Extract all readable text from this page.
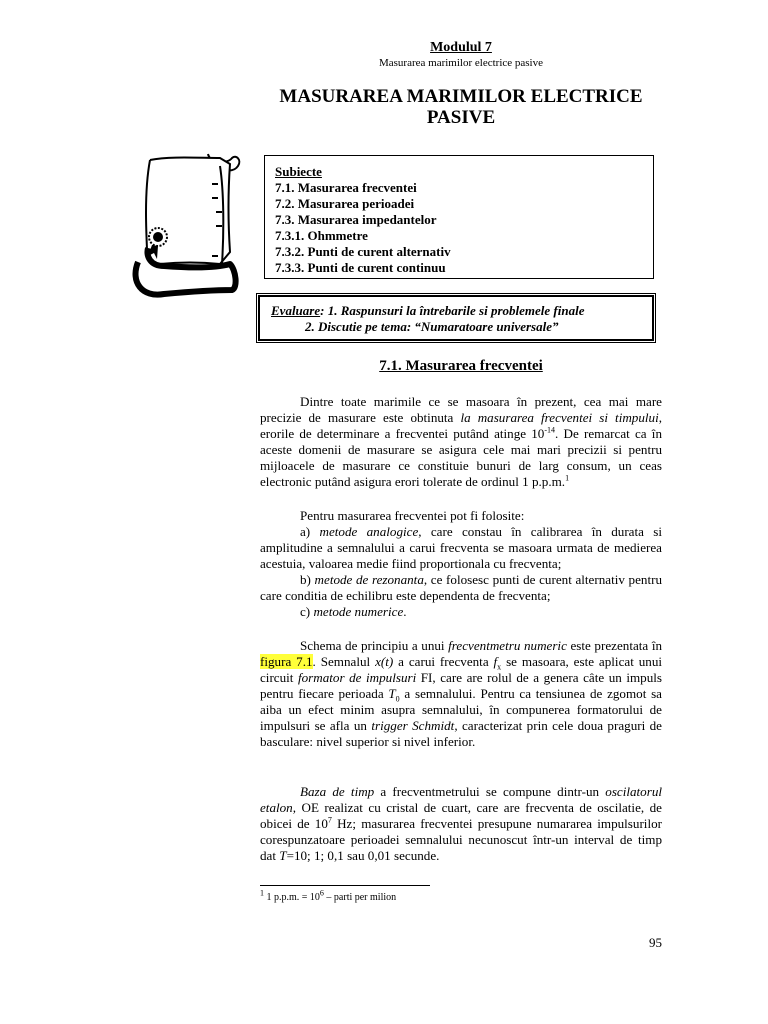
Modulul 7
Masurarea marimilor electrice pasive
MASURAREA MARIMILOR ELECTRICE
PASIVE
Subiecte
7.1. Masurarea frecventei
7.2. Masurarea perioadei
7.3. Masurarea impedantelor
7.3.1. Ohmmetre
7.3.2. Punti de curent alternativ
7.3.3. Punti de curent continuu
Evaluare: 1. Raspunsuri la întrebarile si problemele finale
2. Discutie pe tema: “Numaratoare universale”
7.1. Masurarea frecventei

Dintre toate marimile ce se masoara în prezent, cea mai mare precizie de masurare este obtinuta la masurarea frecventei si timpului, erorile de determinare a frecventei putând atinge $10^{-14}$. De remarcat ca în aceste domenii de masurare se asigura cele mai mari precizii si pentru mijloacele de masurare ce constituie bunuri de larg consum, un ceas electronic putând asigura erori tolerate de ordinul 1 p.p.m.$^1$

Pentru masurarea frecventei pot fi folosite:

a) metode analogice, care constau în calibrarea în durata si amplitudine a semnalului a carui frecventa se masoara urmata de medierea acestuia, valoarea medie fiind proportionala cu frecventa;

b) metode de rezonanta, ce folosesc punti de curent alternativ pentru care conditia de echilibru este dependenta de frecventa;

c) metode numerice.

Schema de principiu a unui frecventmetru numeric este prezentata în figura 7.1. Semnalul x(t) a carui frecventa $f_x$ se masoara, este aplicat unui circuit formator de impulsuri FI, care are rolul de a genera câte un impuls pentru fiecare perioada $T_0$ a semnalului. Pentru ca tensiunea de zgomot sa aiba un efect minim asupra semnalului, în compunerea formatorului de impulsuri se afla un trigger Schmidt, caracterizat prin cele doua praguri de basculare: nivel superior si nivel inferior.

Baza de timp a frecventmetrului se compune dintr-un oscilatorul etalon, OE realizat cu cristal de cuart, care are frecventa de oscilatie, de obicei de $10^7$ Hz; masurarea frecventei presupune numararea impulsurilor corespunzatoare perioadei semnalului necunoscut într-un interval de timp dat T=10; 1; 0,1 sau 0,01 secunde.

$^1$ 1 p.p.m. = $10^6$ – parti per milion
95
